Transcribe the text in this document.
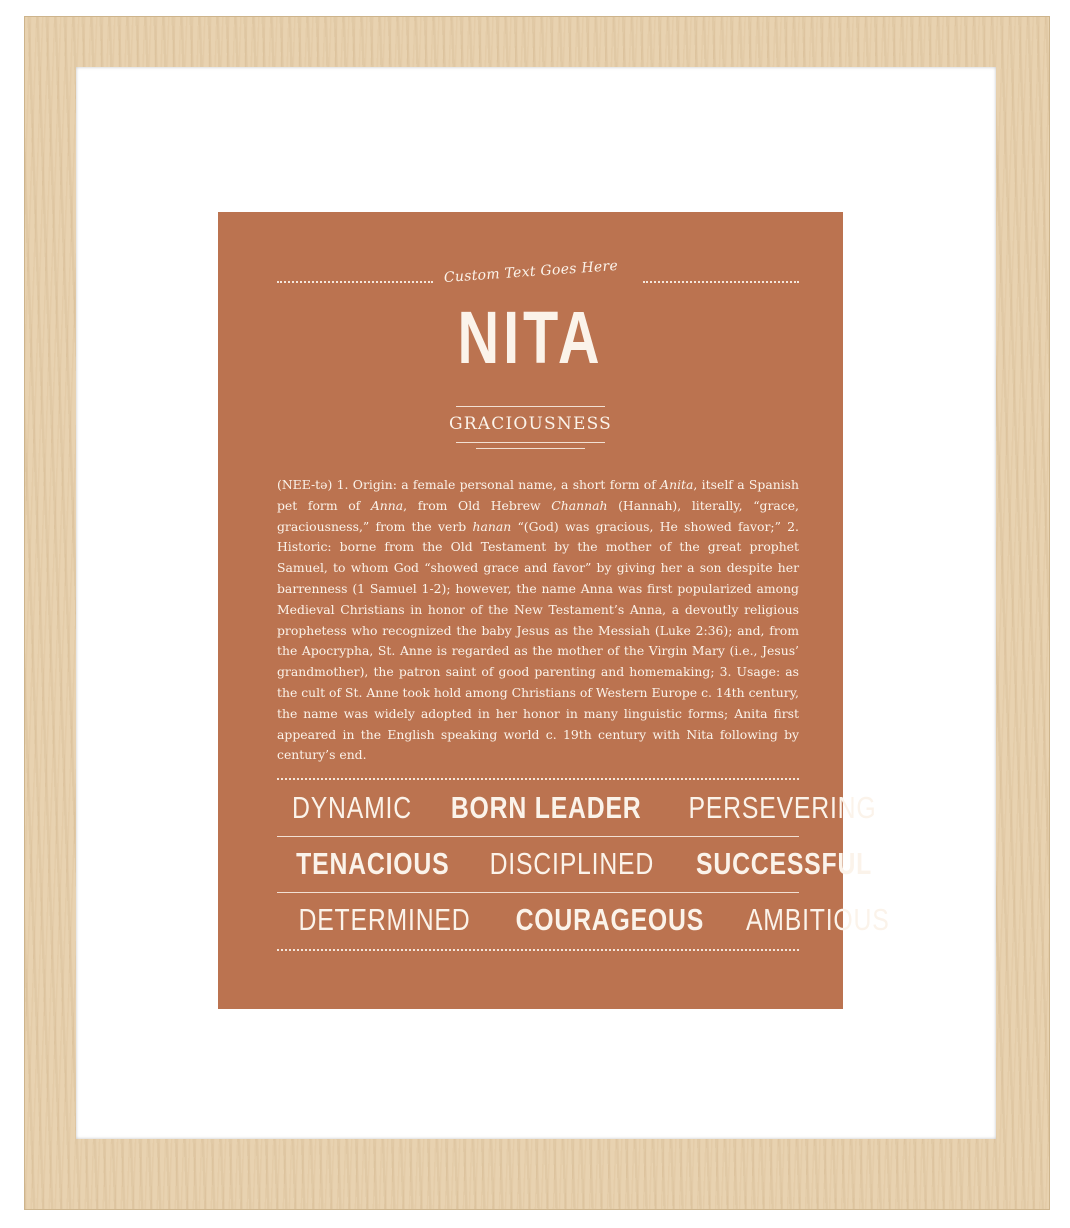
Custom Text Goes Here
NITA
GRACIOUSNESS
(NEE-tə) 1. Origin: a female personal name, a short form of Anita, itself a Spanish pet form of Anna, from Old Hebrew Channah (Hannah), literally, “grace, graciousness,” from the verb hanan “(God) was gracious, He showed favor;” 2. Historic: borne from the Old Testament by the mother of the great prophet Samuel, to whom God “showed grace and favor” by giving her a son despite her barrenness (1 Samuel 1-2); however, the name Anna was first popularized among Medieval Christians in honor of the New Testament’s Anna, a devoutly religious prophetess who recognized the baby Jesus as the Messiah (Luke 2:36); and, from the Apocrypha, St. Anne is regarded as the mother of the Virgin Mary (i.e., Jesus’ grandmother), the patron saint of good parenting and homemaking; 3. Usage: as the cult of St. Anne took hold among Christians of Western Europe c. 14th century, the name was widely adopted in her honor in many linguistic forms; Anita first appeared in the English speaking world c. 19th century with Nita following by century’s end.
DYNAMIC BORN LEADER PERSEVERING
TENACIOUS DISCIPLINED SUCCESSFUL
DETERMINED COURAGEOUS AMBITIOUS
